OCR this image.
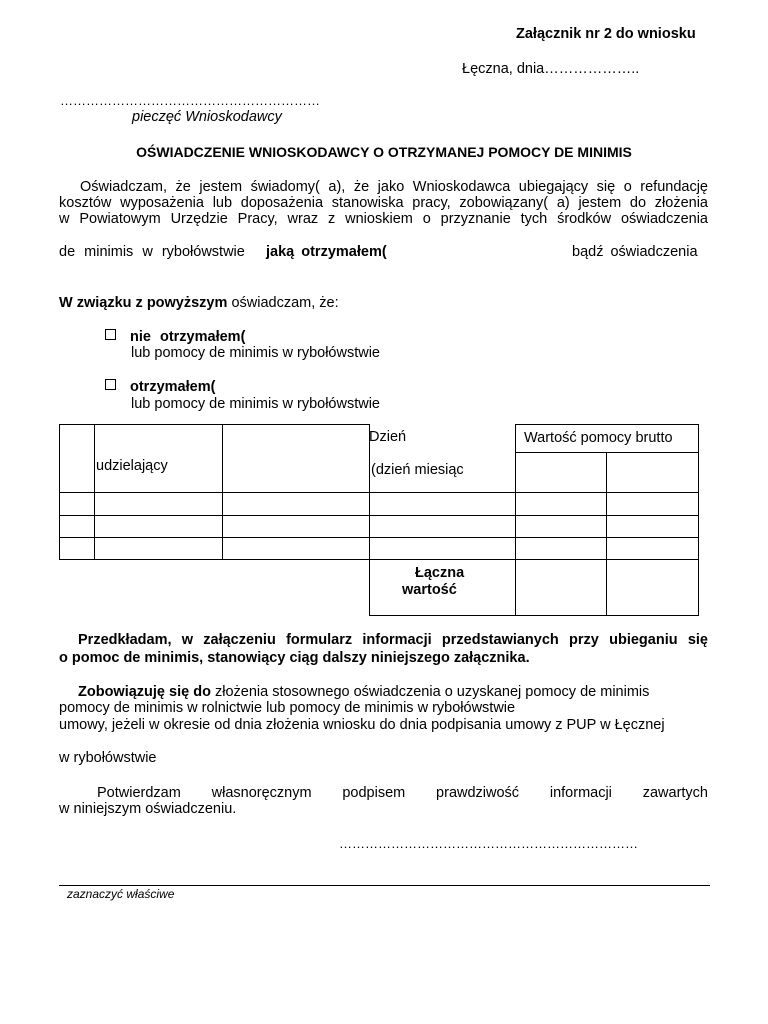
Załącznik nr 2 do wniosku
Łęczna, dnia………………..
……………………………………………………
pieczęć Wnioskodawcy
OŚWIADCZENIE WNIOSKODAWCY O OTRZYMANEJ POMOCY DE MINIMIS
Oświadczam, że jestem świadomy( a), że jako Wnioskodawca ubiegający się o refundację
kosztów wyposażenia lub doposażenia stanowiska pracy, zobowiązany( a) jestem do złożenia
w Powiatowym Urzędzie Pracy, wraz z wnioskiem o przyznanie tych środków oświadczenia
de minimis w rybołówstwie jaką otrzymałem(	bądź oświadczenia
W związku z powyższym oświadczam, że:
nie otrzymałem(
lub pomocy de minimis w rybołówstwie
otrzymałem(
lub pomocy de minimis w rybołówstwie
udzielający
Dzień
(dzień miesiąc
Wartość pomocy brutto
Łączna
wartość
Przedkładam, w załączeniu formularz informacji przedstawianych przy ubieganiu się
o pomoc de minimis, stanowiący ciąg dalszy niniejszego załącznika.
Zobowiązuję się do złożenia stosownego oświadczenia o uzyskanej pomocy de minimis
pomocy de minimis w rolnictwie lub pomocy de minimis w rybołówstwie
umowy, jeżeli w okresie od dnia złożenia wniosku do dnia podpisania umowy z PUP w Łęcznej
w rybołówstwie
Potwierdzam własnoręcznym podpisem prawdziwość informacji zawartych
w niniejszym oświadczeniu.
……………………………………………………………
zaznaczyć właściwe
